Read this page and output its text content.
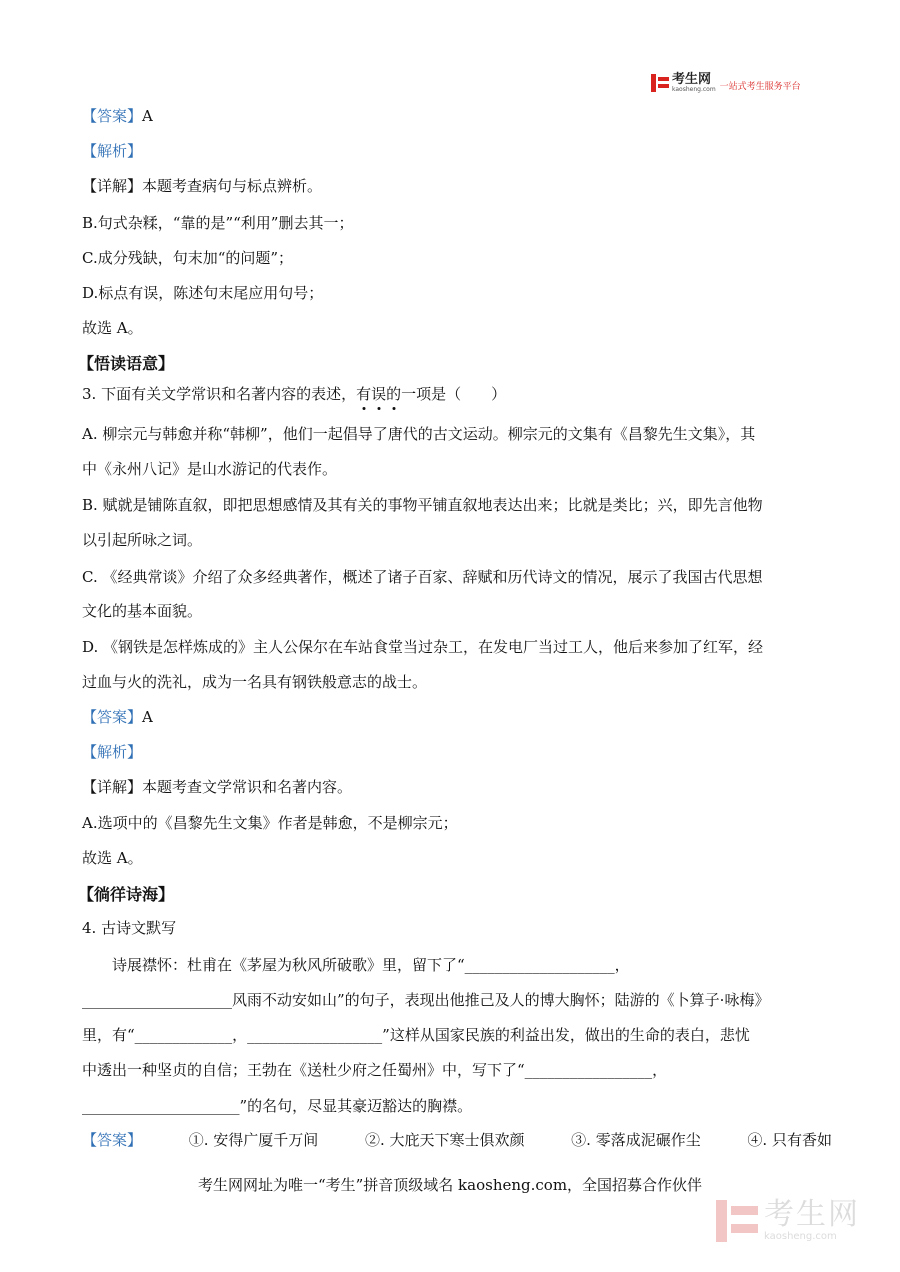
考生网
kaosheng.com 一站式考生服务平台
【答案】A
【解析】
【详解】本题考查病句与标点辨析。
B.句式杂糅，“靠的是”“利用”删去其一；
C.成分残缺，句末加“的问题”；
D.标点有误，陈述句末尾应用句号；
故选 A。
【悟读语意】
3. 下面有关文学常识和名著内容的表述，有误的一项是（　　）
A. 柳宗元与韩愈并称“韩柳”，他们一起倡导了唐代的古文运动。柳宗元的文集有《昌黎先生文集》，其
中《永州八记》是山水游记的代表作。
B. 赋就是铺陈直叙，即把思想感情及其有关的事物平铺直叙地表达出来；比就是类比；兴，即先言他物
以引起所咏之词。
C. 《经典常谈》介绍了众多经典著作，概述了诸子百家、辞赋和历代诗文的情况，展示了我国古代思想
文化的基本面貌。
D. 《钢铁是怎样炼成的》主人公保尔在车站食堂当过杂工，在发电厂当过工人，他后来参加了红军，经
过血与火的洗礼，成为一名具有钢铁般意志的战士。
【答案】A
【解析】
【详解】本题考查文学常识和名著内容。
A.选项中的《昌黎先生文集》作者是韩愈，不是柳宗元；
故选 A。
【徜徉诗海】
4. 古诗文默写
　　诗展襟怀：杜甫在《茅屋为秋风所破歌》里，留下了“____________________，
____________________风雨不动安如山”的句子，表现出他推己及人的博大胸怀；陆游的《卜算子·咏梅》
里，有“_____________，__________________”这样从国家民族的利益出发，做出的生命的表白，悲忧
中透出一种坚贞的自信；王勃在《送杜少府之任蜀州》中，写下了“_________________，
_____________________”的名句，尽显其豪迈豁达的胸襟。
【答案】	①. 安得广厦千万间	②. 大庇天下寒士俱欢颜	③. 零落成泥碾作尘	④. 只有香如
考生网网址为唯一“考生”拼音顶级域名 kaosheng.com，全国招募合作伙伴
考生网
kaosheng.com
